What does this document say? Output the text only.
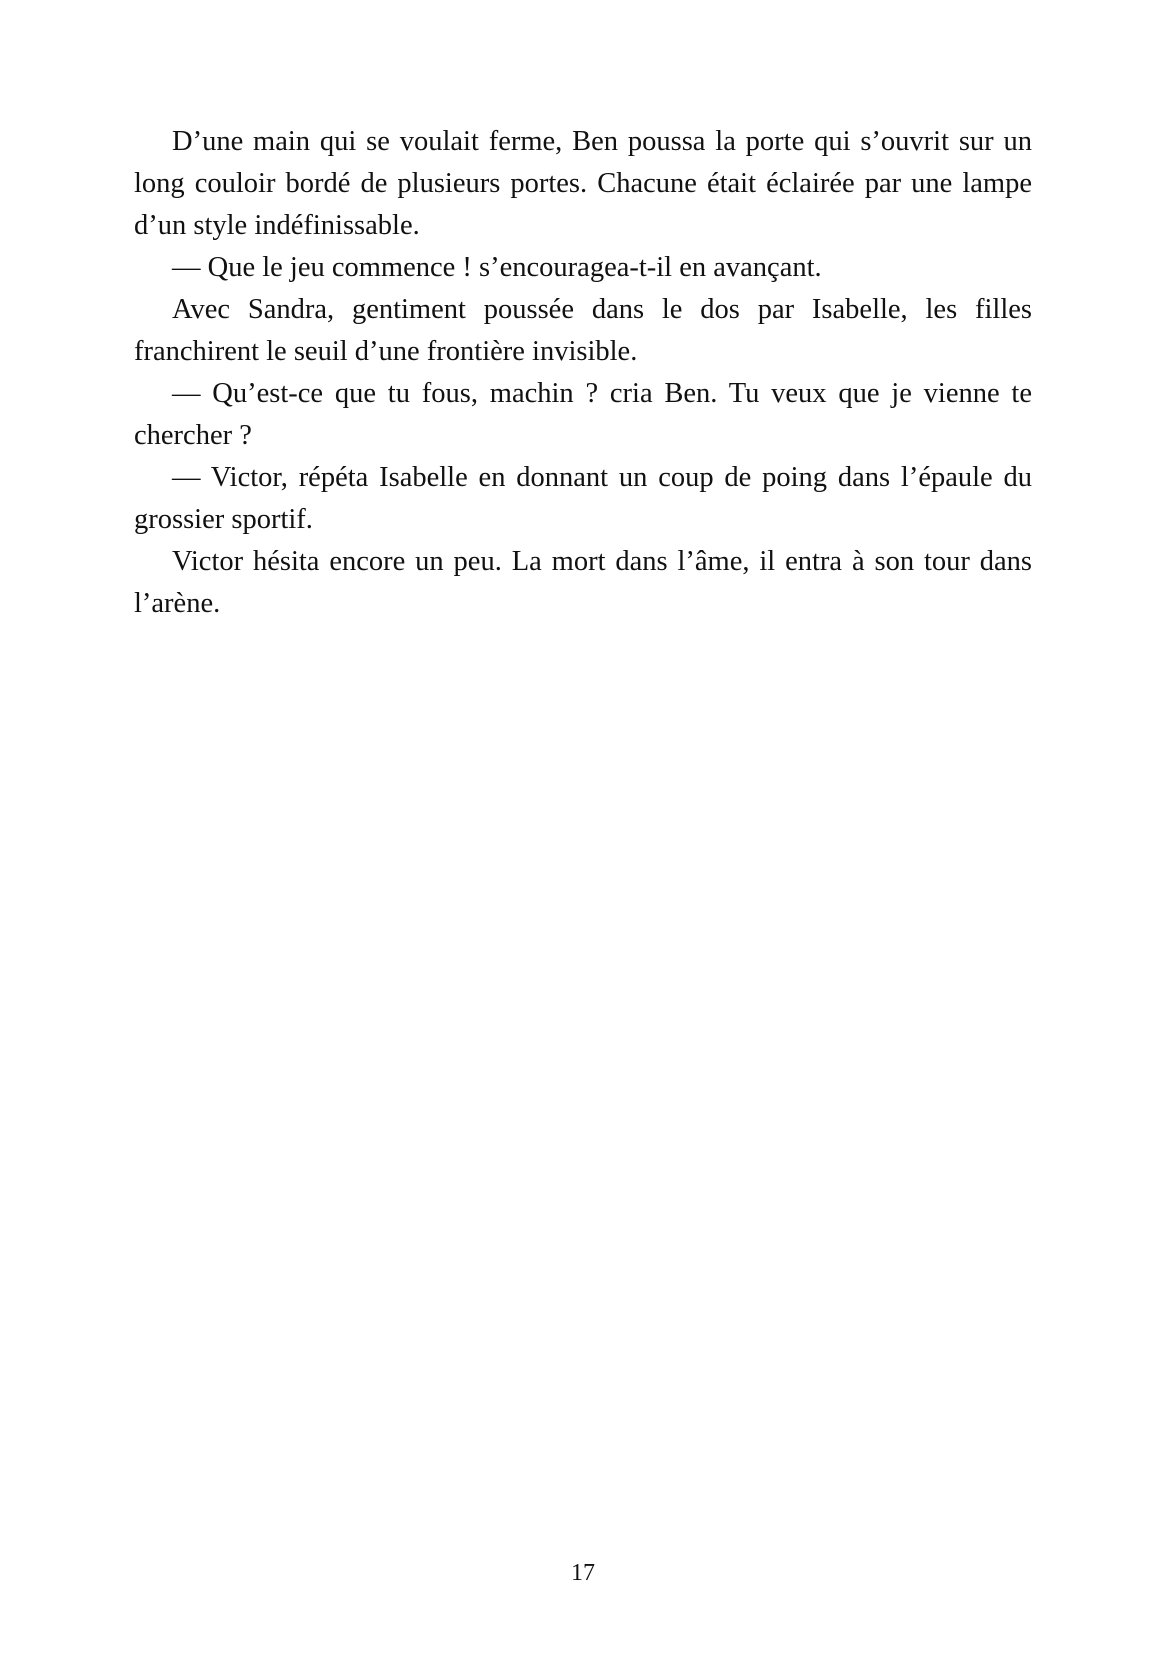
D’une main qui se voulait ferme, Ben poussa la porte qui s’ouvrit sur un long couloir bordé de plusieurs portes. Chacune était éclairée par une lampe d’un style indéfinissable.

— Que le jeu commence ! s’encouragea-t-il en avançant.

Avec Sandra, gentiment poussée dans le dos par Isabelle, les filles franchirent le seuil d’une frontière invisible.

— Qu’est-ce que tu fous, machin ? cria Ben. Tu veux que je vienne te chercher ?

— Victor, répéta Isabelle en donnant un coup de poing dans l’épaule du grossier sportif.

Victor hésita encore un peu. La mort dans l’âme, il entra à son tour dans l’arène.

17
